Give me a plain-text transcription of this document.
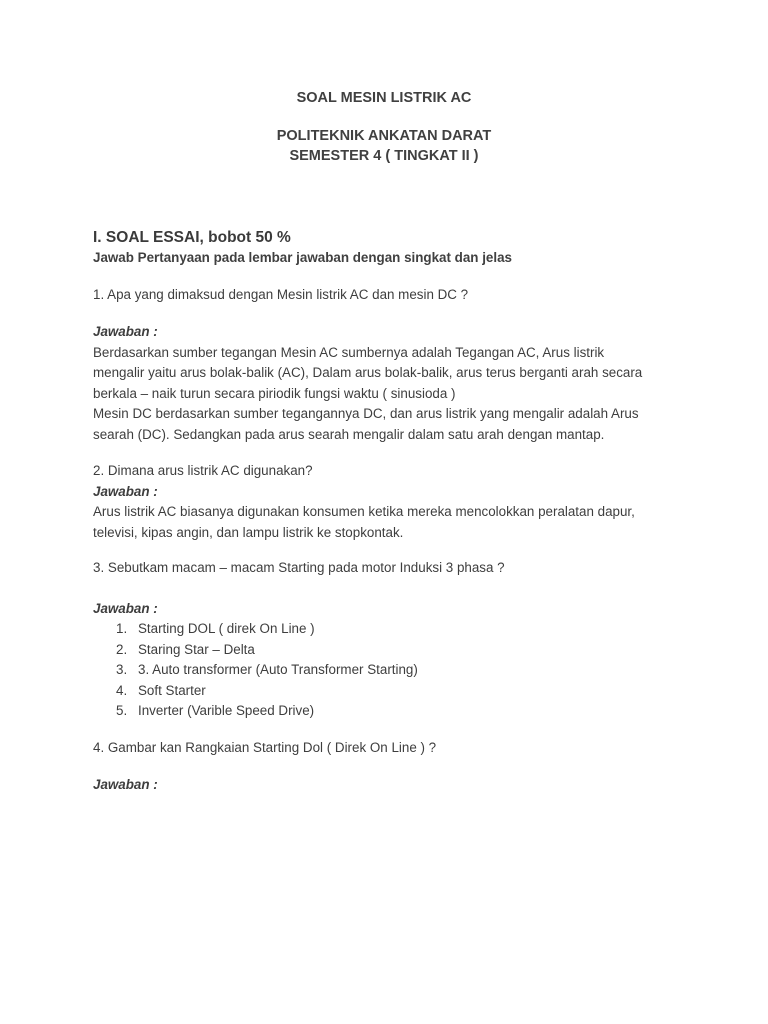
SOAL MESIN LISTRIK AC
POLITEKNIK ANKATAN DARAT
SEMESTER 4 ( TINGKAT II )
I. SOAL ESSAI, bobot 50 %
Jawab Pertanyaan pada lembar jawaban dengan singkat dan jelas

1. Apa yang dimaksud dengan Mesin listrik AC dan mesin DC ?

Jawaban :

Berdasarkan sumber tegangan Mesin AC sumbernya adalah Tegangan AC, Arus listrik

mengalir yaitu arus bolak-balik (AC), Dalam arus bolak-balik, arus terus berganti arah secara

berkala – naik turun secara piriodik fungsi waktu ( sinusioda )

Mesin DC berdasarkan sumber tegangannya DC, dan arus listrik yang mengalir adalah Arus

searah (DC). Sedangkan pada arus searah mengalir dalam satu arah dengan mantap.

2. Dimana arus listrik AC digunakan?

Jawaban :

Arus listrik AC biasanya digunakan konsumen ketika mereka mencolokkan peralatan dapur,

televisi, kipas angin, dan lampu listrik ke stopkontak.

3. Sebutkam macam – macam Starting pada motor Induksi 3 phasa ?

Jawaban :

1. Starting DOL ( direk On Line )
2. Staring Star – Delta
3. 3. Auto transformer (Auto Transformer Starting)
4. Soft Starter
5. Inverter (Varible Speed Drive)

4. Gambar kan Rangkaian Starting Dol ( Direk On Line ) ?

Jawaban :
